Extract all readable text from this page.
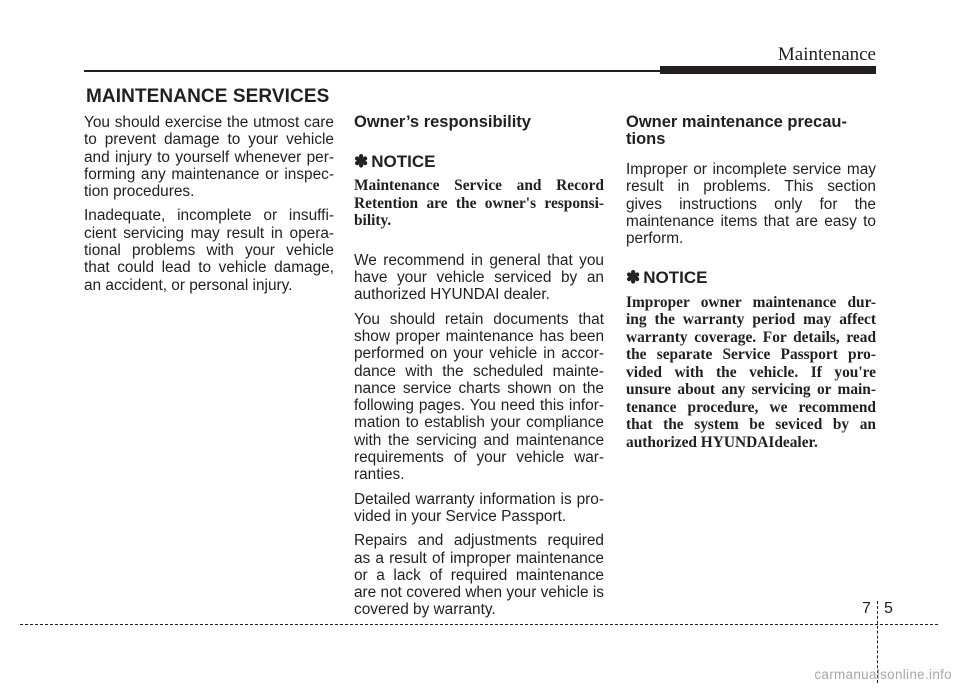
Maintenance
MAINTENANCE SERVICES

You should exercise the utmost care to prevent damage to your vehicle and injury to yourself whenever per- forming any maintenance or inspec- tion procedures.

Inadequate, incomplete or insuffi- cient servicing may result in opera- tional problems with your vehicle that could lead to vehicle damage, an accident, or personal injury.

Owner’s responsibility
✽ NOTICE
Maintenance Service and Record Retention are the owner's responsi- bility.

We recommend in general that you have your vehicle serviced by an authorized HYUNDAI dealer.

You should retain documents that show proper maintenance has been performed on your vehicle in accor- dance with the scheduled mainte- nance service charts shown on the following pages. You need this infor- mation to establish your compliance with the servicing and maintenance requirements of your vehicle war- ranties.

Detailed warranty information is pro- vided in your Service Passport.

Repairs and adjustments required as a result of improper maintenance or a lack of required maintenance are not covered when your vehicle is covered by warranty.

Owner maintenance precau- tions

Improper or incomplete service may result in problems. This section gives instructions only for the maintenance items that are easy to perform.

✽ NOTICE
Improper owner maintenance dur- ing the warranty period may affect warranty coverage. For details, read the separate Service Passport pro- vided with the vehicle. If you're unsure about any servicing or main- tenance procedure, we recommend that the system be seviced by an authorized HYUNDAIdealer.
7 5
carmanualsonline.info
